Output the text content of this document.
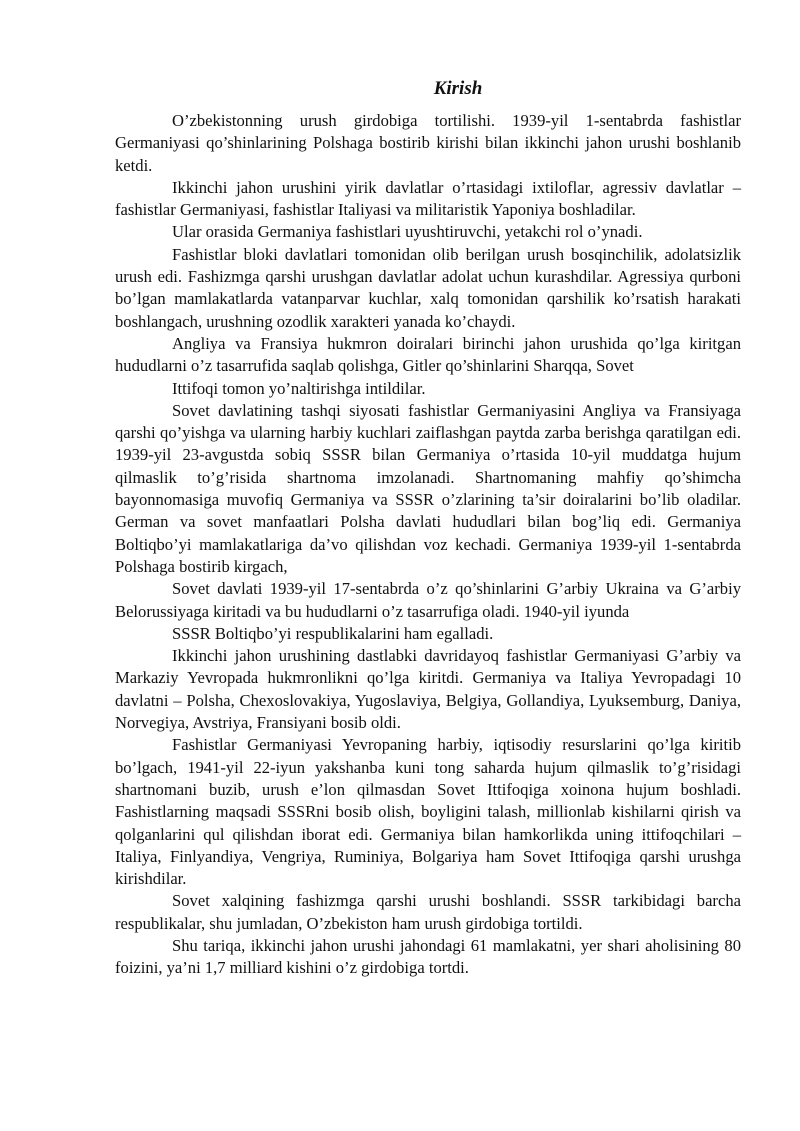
Kirish

O’zbekistonning urush girdobiga tortilishi. 1939-yil 1-sentabrda fashistlar Germaniyasi qo’shinlarining Polshaga bostirib kirishi bilan ikkinchi jahon urushi boshlanib ketdi.

Ikkinchi jahon urushini yirik davlatlar o’rtasidagi ixtiloflar, agressiv davlatlar – fashistlar Germaniyasi, fashistlar Italiyasi va militaristik Yaponiya boshladilar.

Ular orasida Germaniya fashistlari uyushtiruvchi, yetakchi rol o’ynadi.

Fashistlar bloki davlatlari tomonidan olib berilgan urush bosqinchilik, adolatsizlik urush edi. Fashizmga qarshi urushgan davlatlar adolat uchun kurashdilar. Agressiya qurboni bo’lgan mamlakatlarda vatanparvar kuchlar, xalq tomonidan qarshilik ko’rsatish harakati boshlangach, urushning ozodlik xarakteri yanada ko’chaydi.

Angliya va Fransiya hukmron doiralari birinchi jahon urushida qo’lga kiritgan hududlarni o’z tasarrufida saqlab qolishga, Gitler qo’shinlarini Sharqqa, Sovet

Ittifoqi tomon yo’naltirishga intildilar.

Sovet davlatining tashqi siyosati fashistlar Germaniyasini Angliya va Fransiyaga qarshi qo’yishga va ularning harbiy kuchlari zaiflashgan paytda zarba berishga qaratilgan edi. 1939-yil 23-avgustda sobiq SSSR bilan Germaniya o’rtasida 10-yil muddatga hujum qilmaslik to’g’risida shartnoma imzolanadi. Shartnomaning mahfiy qo’shimcha bayonnomasiga muvofiq Germaniya va SSSR o’zlarining ta’sir doiralarini bo’lib oladilar. German va sovet manfaatlari Polsha davlati hududlari bilan bog’liq edi. Germaniya Boltiqbo’yi mamlakatlariga da’vo qilishdan voz kechadi. Germaniya 1939-yil 1-sentabrda Polshaga bostirib kirgach,

Sovet davlati 1939-yil 17-sentabrda o’z qo’shinlarini G’arbiy Ukraina va G’arbiy Belorussiyaga kiritadi va bu hududlarni o’z tasarrufiga oladi. 1940-yil iyunda

SSSR Boltiqbo’yi respublikalarini ham egalladi.

Ikkinchi jahon urushining dastlabki davridayoq fashistlar Germaniyasi G’arbiy va Markaziy Yevropada hukmronlikni qo’lga kiritdi. Germaniya va Italiya Yevropadagi 10 davlatni – Polsha, Chexoslovakiya, Yugoslaviya, Belgiya, Gollandiya, Lyuksemburg, Daniya, Norvegiya, Avstriya, Fransiyani bosib oldi.

Fashistlar Germaniyasi Yevropaning harbiy, iqtisodiy resurslarini qo’lga kiritib bo’lgach, 1941-yil 22-iyun yakshanba kuni tong saharda hujum qilmaslik to’g’risidagi shartnomani buzib, urush e’lon qilmasdan Sovet Ittifoqiga xoinona hujum boshladi. Fashistlarning maqsadi SSSRni bosib olish, boyligini talash, millionlab kishilarni qirish va qolganlarini qul qilishdan iborat edi. Germaniya bilan hamkorlikda uning ittifoqchilari – Italiya, Finlyandiya, Vengriya, Ruminiya, Bolgariya ham Sovet Ittifoqiga qarshi urushga kirishdilar.

Sovet xalqining fashizmga qarshi urushi boshlandi. SSSR tarkibidagi barcha respublikalar, shu jumladan, O’zbekiston ham urush girdobiga tortildi.

Shu tariqa, ikkinchi jahon urushi jahondagi 61 mamlakatni, yer shari aholisining 80 foizini, ya’ni 1,7 milliard kishini o’z girdobiga tortdi.
